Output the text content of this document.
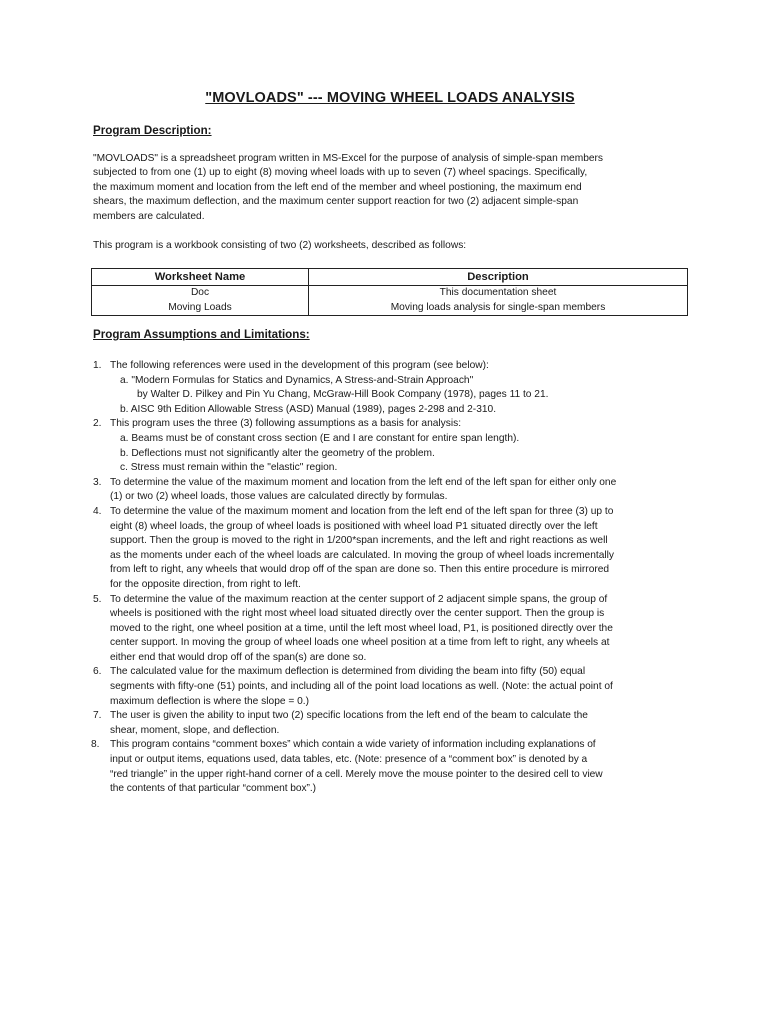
"MOVLOADS" --- MOVING WHEEL LOADS ANALYSIS
Program Description:
"MOVLOADS" is a spreadsheet program written in MS-Excel for the purpose of analysis of simple-span members
subjected to from one (1) up to eight (8) moving wheel loads with up to seven (7) wheel spacings. Specifically,
the maximum moment and location from the left end of the member and wheel postioning, the maximum end
shears, the maximum deflection, and the maximum center support reaction for two (2) adjacent simple-span
members are calculated.
This program is a workbook consisting of two (2) worksheets, described as follows:
Worksheet Name	Description
Doc	This documentation sheet
Moving Loads	Moving loads analysis for single-span members
Program Assumptions and Limitations:
1. The following references were used in the development of this program (see below):
a. "Modern Formulas for Statics and Dynamics, A Stress-and-Strain Approach"
by Walter D. Pilkey and Pin Yu Chang, McGraw-Hill Book Company (1978), pages 11 to 21.
b. AISC 9th Edition Allowable Stress (ASD) Manual (1989), pages 2-298 and 2-310.
2. This program uses the three (3) following assumptions as a basis for analysis:
a. Beams must be of constant cross section (E and I are constant for entire span length).
b. Deflections must not significantly alter the geometry of the problem.
c. Stress must remain within the "elastic" region.
3. To determine the value of the maximum moment and location from the left end of the left span for either only one
(1) or two (2) wheel loads, those values are calculated directly by formulas.
4. To determine the value of the maximum moment and location from the left end of the left span for three (3) up to
eight (8) wheel loads, the group of wheel loads is positioned with wheel load P1 situated directly over the left
support. Then the group is moved to the right in 1/200*span increments, and the left and right reactions as well
as the moments under each of the wheel loads are calculated. In moving the group of wheel loads incrementally
from left to right, any wheels that would drop off of the span are done so. Then this entire procedure is mirrored
for the opposite direction, from right to left.
5. To determine the value of the maximum reaction at the center support of 2 adjacent simple spans, the group of
wheels is positioned with the right most wheel load situated directly over the center support. Then the group is
moved to the right, one wheel position at a time, until the left most wheel load, P1, is positioned directly over the
center support. In moving the group of wheel loads one wheel position at a time from left to right, any wheels at
either end that would drop off of the span(s) are done so.
6. The calculated value for the maximum deflection is determined from dividing the beam into fifty (50) equal
segments with fifty-one (51) points, and including all of the point load locations as well. (Note: the actual point of
maximum deflection is where the slope = 0.)
7. The user is given the ability to input two (2) specific locations from the left end of the beam to calculate the
shear, moment, slope, and deflection.
8. This program contains “comment boxes” which contain a wide variety of information including explanations of
input or output items, equations used, data tables, etc. (Note: presence of a “comment box” is denoted by a
“red triangle” in the upper right-hand corner of a cell. Merely move the mouse pointer to the desired cell to view
the contents of that particular “comment box”.)
